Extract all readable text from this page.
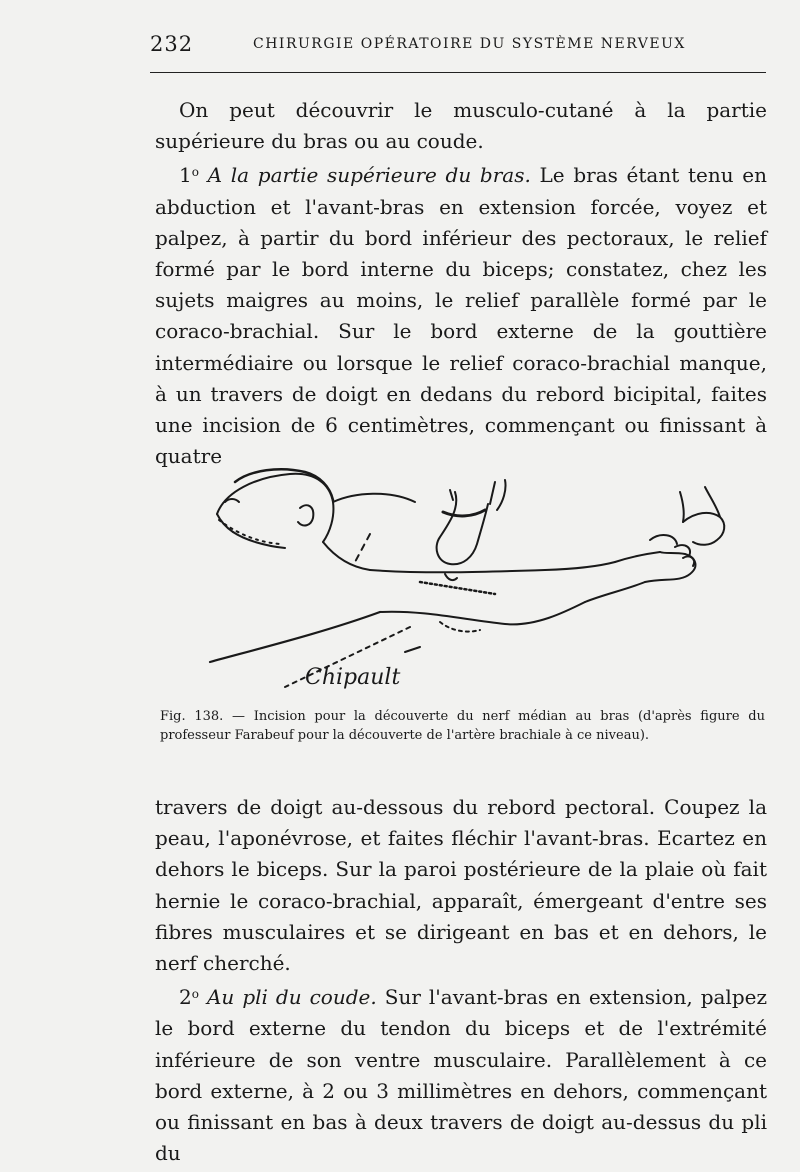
232	CHIRURGIE OPÉRATOIRE DU SYSTÈME NERVEUX

On peut découvrir le musculo-cutané à la partie supérieure du bras ou au coude.

1$^o$ A la partie supérieure du bras. Le bras étant tenu en abduction et l'avant-bras en extension forcée, voyez et palpez, à partir du bord inférieur des pectoraux, le relief formé par le bord interne du biceps; constatez, chez les sujets maigres au moins, le relief parallèle formé par le coraco-brachial. Sur le bord externe de la gouttière intermédiaire ou lorsque le relief coraco-brachial manque, à un travers de doigt en dedans du rebord bicipital, faites une incision de 6 centimètres, commençant ou finissant à quatre

Chipault
Fig. 138. — Incision pour la découverte du nerf médian au bras (d'après figure du professeur Farabeuf pour la découverte de l'artère brachiale à ce niveau).

travers de doigt au-dessous du rebord pectoral. Coupez la peau, l'aponévrose, et faites fléchir l'avant-bras. Ecartez en dehors le biceps. Sur la paroi postérieure de la plaie où fait hernie le coraco-brachial, apparaît, émergeant d'entre ses fibres musculaires et se dirigeant en bas et en dehors, le nerf cherché.

2$^o$ Au pli du coude. Sur l'avant-bras en extension, palpez le bord externe du tendon du biceps et de l'extrémité inférieure de son ventre musculaire. Parallèlement à ce bord externe, à 2 ou 3 millimètres en dehors, commençant ou finissant en bas à deux travers de doigt au-dessus du pli du
